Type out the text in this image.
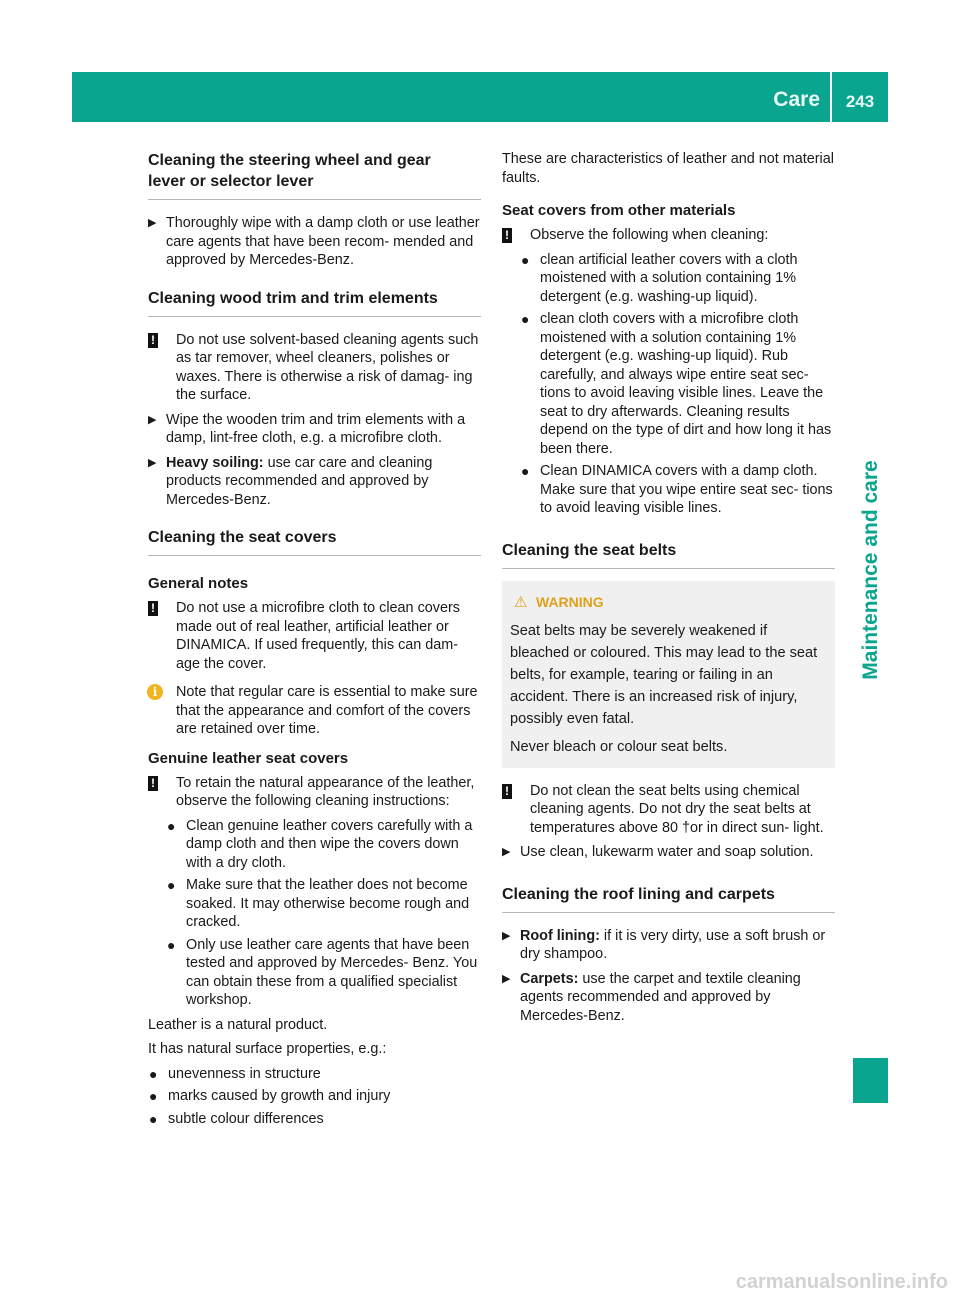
Care	243
Maintenance and care
Cleaning the steering wheel and gear lever or selector lever

▶ Thoroughly wipe with a damp cloth or use leather care agents that have been recom- mended and approved by Mercedes-Benz.

Cleaning wood trim and trim elements

! Do not use solvent-based cleaning agents such as tar remover, wheel cleaners, polishes or waxes. There is otherwise a risk of damag- ing the surface.

▶ Wipe the wooden trim and trim elements with a damp, lint-free cloth, e.g. a microfibre cloth.

▶ Heavy soiling: use car care and cleaning products recommended and approved by Mercedes-Benz.

Cleaning the seat covers
General notes

! Do not use a microfibre cloth to clean covers made out of real leather, artificial leather or DINAMICA. If used frequently, this can dam- age the cover.

i	Note that regular care is essential to make sure that the appearance and comfort of the covers are retained over time.

Genuine leather seat covers

! To retain the natural appearance of the leather, observe the following cleaning instructions:

● Clean genuine leather covers carefully with a damp cloth and then wipe the covers down with a dry cloth.

● Make sure that the leather does not become soaked. It may otherwise become rough and cracked.

● Only use leather care agents that have been tested and approved by Mercedes- Benz. You can obtain these from a qualified specialist workshop.

Leather is a natural product.

It has natural surface properties, e.g.:

● unevenness in structure

● marks caused by growth and injury

● subtle colour differences

These are characteristics of leather and not material faults.

Seat covers from other materials

! Observe the following when cleaning:

● clean artificial leather covers with a cloth moistened with a solution containing 1% detergent (e.g. washing-up liquid).

● clean cloth covers with a microfibre cloth moistened with a solution containing 1% detergent (e.g. washing-up liquid). Rub carefully, and always wipe entire seat sec- tions to avoid leaving visible lines. Leave the seat to dry afterwards. Cleaning results depend on the type of dirt and how long it has been there.

● Clean DINAMICA covers with a damp cloth. Make sure that you wipe entire seat sec- tions to avoid leaving visible lines.

Cleaning the seat belts
⚠ WARNING

Seat belts may be severely weakened if bleached or coloured. This may lead to the seat belts, for example, tearing or failing in an accident. There is an increased risk of injury, possibly even fatal.

Never bleach or colour seat belts.

! Do not clean the seat belts using chemical cleaning agents. Do not dry the seat belts at temperatures above 80 †or in direct sun- light.

▶ Use clean, lukewarm water and soap solution.

Cleaning the roof lining and carpets

▶ Roof lining: if it is very dirty, use a soft brush or dry shampoo.

▶ Carpets: use the carpet and textile cleaning agents recommended and approved by Mercedes-Benz.

carmanualsonline.info
